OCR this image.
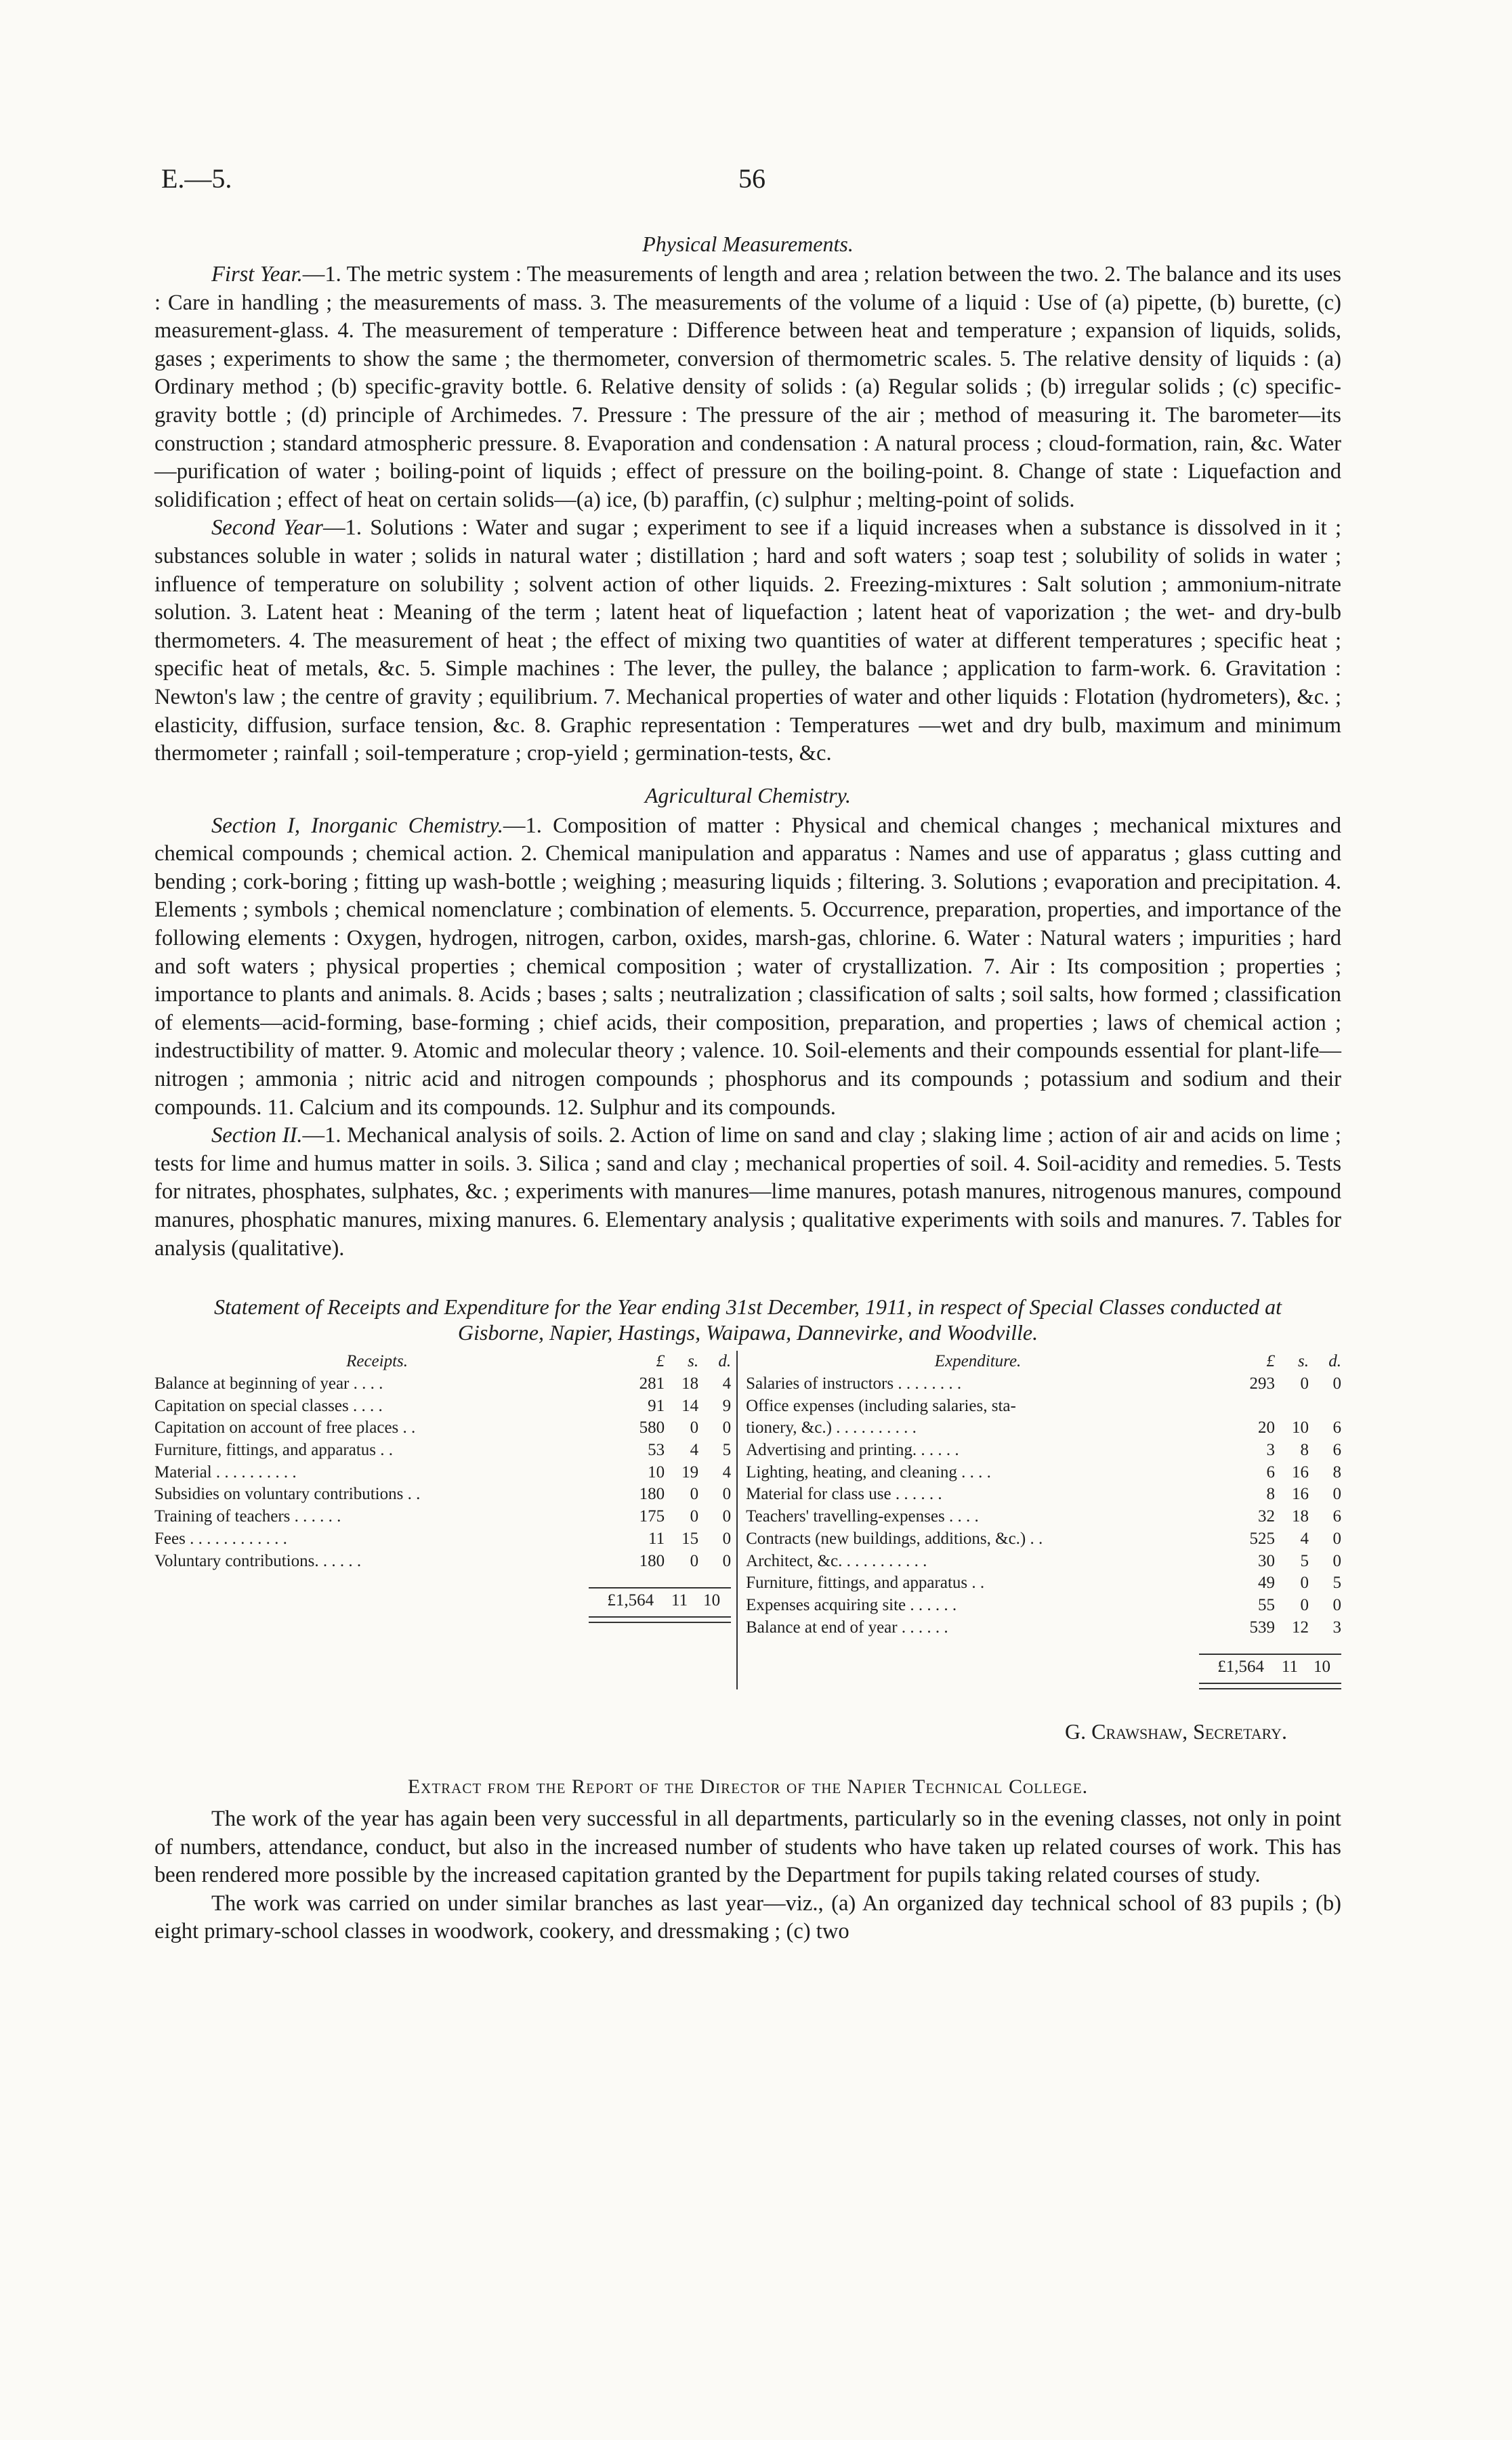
E.—5.	56
Physical Measurements.

First Year.—1. The metric system : The measurements of length and area ; relation between the two. 2. The balance and its uses : Care in handling ; the measurements of mass. 3. The measurements of the volume of a liquid : Use of (a) pipette, (b) burette, (c) measurement-glass. 4. The measurement of temperature : Difference between heat and temperature ; expansion of liquids, solids, gases ; experiments to show the same ; the thermometer, conversion of thermometric scales. 5. The relative density of liquids : (a) Ordinary method ; (b) specific-gravity bottle. 6. Relative density of solids : (a) Regular solids ; (b) irregular solids ; (c) specific-gravity bottle ; (d) principle of Archimedes. 7. Pressure : The pressure of the air ; method of measuring it. The barometer—its construction ; standard atmospheric pressure. 8. Evaporation and condensation : A natural process ; cloud-formation, rain, &c. Water—purification of water ; boiling-point of liquids ; effect of pressure on the boiling-point. 8. Change of state : Liquefaction and solidification ; effect of heat on certain solids—(a) ice, (b) paraffin, (c) sulphur ; melting-point of solids.

Second Year—1. Solutions : Water and sugar ; experiment to see if a liquid increases when a substance is dissolved in it ; substances soluble in water ; solids in natural water ; distillation ; hard and soft waters ; soap test ; solubility of solids in water ; influence of temperature on solubility ; solvent action of other liquids. 2. Freezing-mixtures : Salt solution ; ammonium-nitrate solution. 3. Latent heat : Meaning of the term ; latent heat of liquefaction ; latent heat of vaporization ; the wet- and dry-bulb thermometers. 4. The measurement of heat ; the effect of mixing two quantities of water at different temperatures ; specific heat ; specific heat of metals, &c. 5. Simple machines : The lever, the pulley, the balance ; application to farm-work. 6. Gravitation : Newton's law ; the centre of gravity ; equilibrium. 7. Mechanical properties of water and other liquids : Flotation (hydrometers), &c. ; elasticity, diffusion, surface tension, &c. 8. Graphic representation : Temperatures —wet and dry bulb, maximum and minimum thermometer ; rainfall ; soil-temperature ; crop-yield ; germination-tests, &c.

Agricultural Chemistry.

Section I, Inorganic Chemistry.—1. Composition of matter : Physical and chemical changes ; mechanical mixtures and chemical compounds ; chemical action. 2. Chemical manipulation and apparatus : Names and use of apparatus ; glass cutting and bending ; cork-boring ; fitting up wash-bottle ; weighing ; measuring liquids ; filtering. 3. Solutions ; evaporation and precipitation. 4. Elements ; symbols ; chemical nomenclature ; combination of elements. 5. Occurrence, preparation, properties, and importance of the following elements : Oxygen, hydrogen, nitrogen, carbon, oxides, marsh-gas, chlorine. 6. Water : Natural waters ; impurities ; hard and soft waters ; physical properties ; chemical composition ; water of crystallization. 7. Air : Its composition ; properties ; importance to plants and animals. 8. Acids ; bases ; salts ; neutralization ; classification of salts ; soil salts, how formed ; classification of elements—acid-forming, base-forming ; chief acids, their composition, preparation, and properties ; laws of chemical action ; indestructibility of matter. 9. Atomic and molecular theory ; valence. 10. Soil-elements and their compounds essential for plant-life—nitrogen ; ammonia ; nitric acid and nitrogen compounds ; phosphorus and its compounds ; potassium and sodium and their compounds. 11. Calcium and its compounds. 12. Sulphur and its compounds.

Section II.—1. Mechanical analysis of soils. 2. Action of lime on sand and clay ; slaking lime ; action of air and acids on lime ; tests for lime and humus matter in soils. 3. Silica ; sand and clay ; mechanical properties of soil. 4. Soil-acidity and remedies. 5. Tests for nitrates, phosphates, sulphates, &c. ; experiments with manures—lime manures, potash manures, nitrogenous manures, compound manures, phosphatic manures, mixing manures. 6. Elementary analysis ; qualitative experiments with soils and manures. 7. Tables for analysis (qualitative).

Statement of Receipts and Expenditure for the Year ending 31st December, 1911, in respect of Special Classes conducted at Gisborne, Napier, Hastings, Waipawa, Dannevirke, and Woodville.
Receipts.	£ s. d.
Balance at beginning of year . . . .	281	18	4
Capitation on special classes . . . .	91	14	9
Capitation on account of free places . .	580	0	0
Furniture, fittings, and apparatus . .	53	4	5
Material . . . . . . . . . .	10	19	4
Subsidies on voluntary contributions . .	180	0	0
Training of teachers . . . . . .	175	0	0
Fees . . . . . . . . . . . .	11	15	0
Voluntary contributions. . . . . .	180	0	0
£1,564 11 10
Expenditure.	£ s. d.
Salaries of instructors . . . . . . . .	293	0	0
Office expenses (including salaries, sta-
tionery, &c.) . . . . . . . . . .	20	10	6
Advertising and printing. . . . . .	3	8	6
Lighting, heating, and cleaning . . . .	6	16	8
Material for class use . . . . . .	8	16	0
Teachers' travelling-expenses . . . .	32	18	6
Contracts (new buildings, additions, &c.) . .	525	4	0
Architect, &c. . . . . . . . . . .	30	5	0
Furniture, fittings, and apparatus . .	49	0	5
Expenses acquiring site . . . . . .	55	0	0
Balance at end of year . . . . . .	539	12	3
£1,564 11 10
G. Crawshaw, Secretary.
Extract from the Report of the Director of the Napier Technical College.

The work of the year has again been very successful in all departments, particularly so in the evening classes, not only in point of numbers, attendance, conduct, but also in the increased number of students who have taken up related courses of work. This has been rendered more possible by the increased capitation granted by the Department for pupils taking related courses of study.

The work was carried on under similar branches as last year—viz., (a) An organized day technical school of 83 pupils ; (b) eight primary-school classes in woodwork, cookery, and dressmaking ; (c) two
